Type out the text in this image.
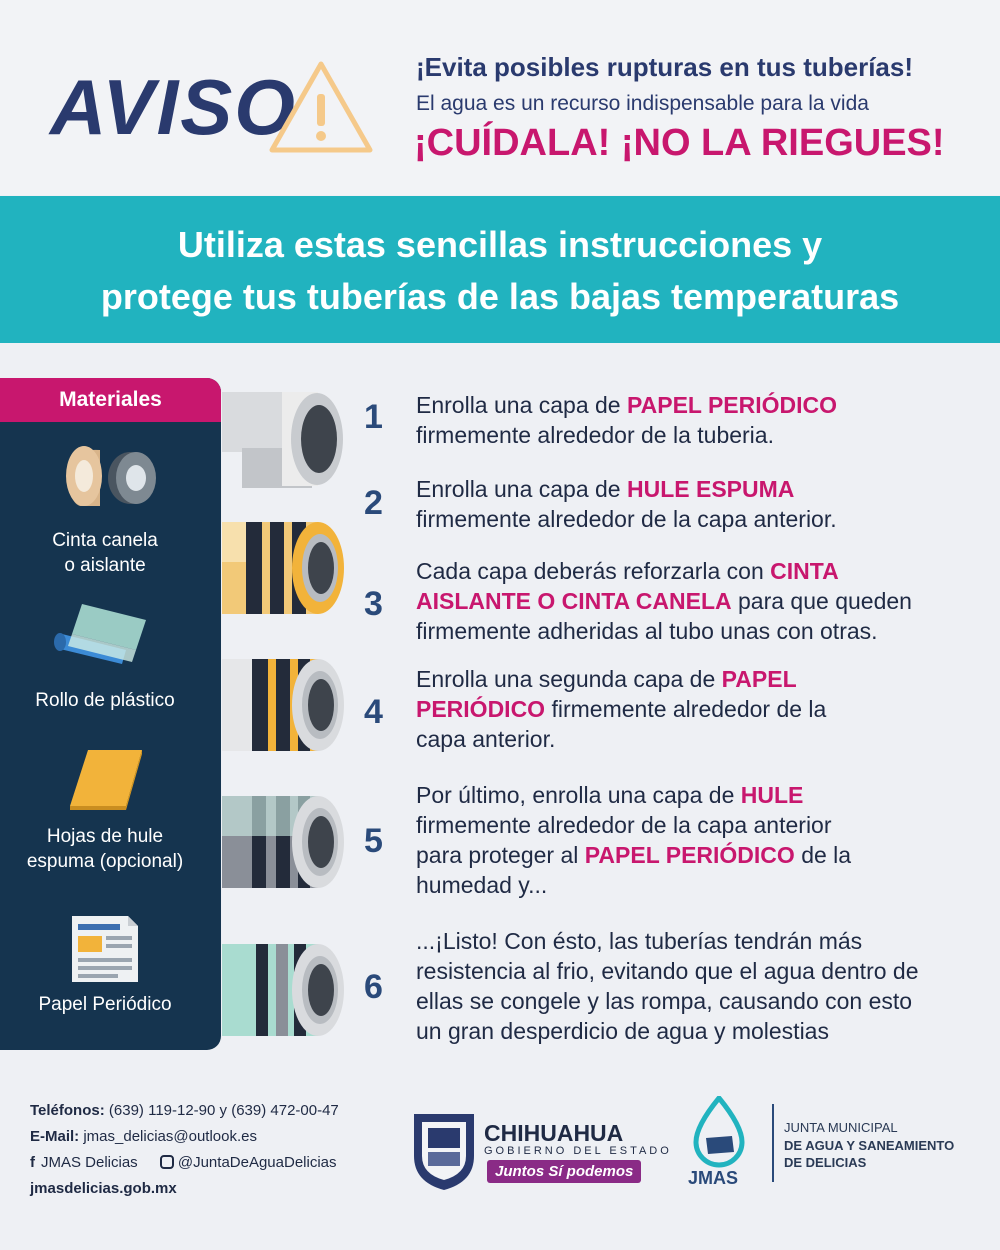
AVISO	¡Evita posibles rupturas en tus tuberías!
El agua es un recurso indispensable para la vida
¡CUÍDALA! ¡NO LA RIEGUES!
Utiliza estas sencillas instrucciones y
protege tus tuberías de las bajas temperaturas
Materiales
Cinta canela
o aislante
Rollo de plástico
Hojas de hule
espuma (opcional)
Papel Periódico
1
2
3
4
5
6
Enrolla una capa de PAPEL PERIÓDICO
firmemente alrededor de la tuberia.
Enrolla una capa de HULE ESPUMA
firmemente alrededor de la capa anterior.
Cada capa deberás reforzarla con CINTA
AISLANTE O CINTA CANELA para que queden
firmemente adheridas al tubo unas con otras.
Enrolla una segunda capa de PAPEL
PERIÓDICO firmemente alrededor de la
capa anterior.
Por último, enrolla una capa de HULE
firmemente alrededor de la capa anterior
para proteger al PAPEL PERIÓDICO de la
humedad y...
...¡Listo! Con ésto, las tuberías tendrán más
resistencia al frio, evitando que el agua dentro de
ellas se congele y las rompa, causando con esto
un gran desperdicio de agua y molestias
Teléfonos: (639) 119-12-90 y (639) 472-00-47
E-Mail: jmas_delicias@outlook.es
f JMAS Delicias	@JuntaDeAguaDelicias
jmasdelicias.gob.mx
CHIHUAHUA
GOBIERNO DEL ESTADO
Juntos Sí podemos	JMAS
JUNTA MUNICIPAL
DE AGUA Y SANEAMIENTO
DE DELICIAS
